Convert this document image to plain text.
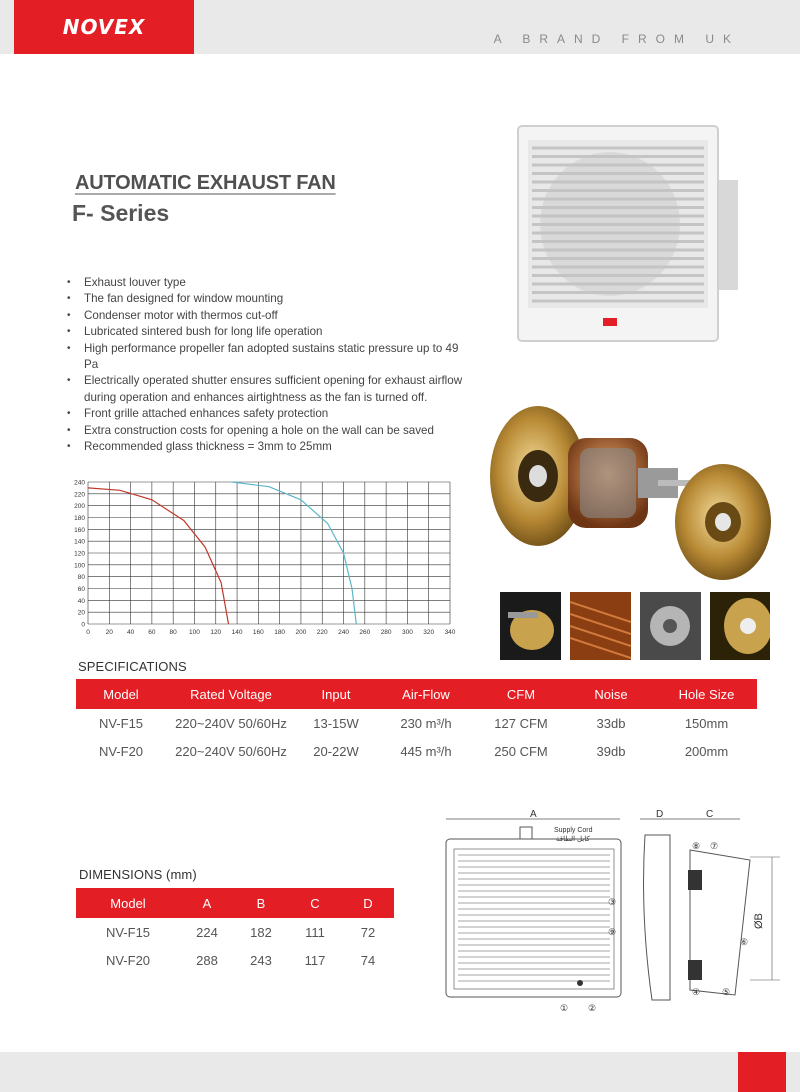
NOVEX	A BRAND FROM UK
AUTOMATIC EXHAUST FAN
F- Series
• Exhaust louver type
• The fan designed for window mounting
• Condenser motor with thermos cut-off
• Lubricated sintered bush for long life operation
• High performance propeller fan adopted sustains static pressure up to 49 Pa
• Electrically operated shutter ensures sufficient opening for exhaust airflow during operation and enhances airtightness as the fan is turned off.
• Front grille attached enhances safety protection
• Extra construction costs for opening a hole on the wall can be saved
• Recommended glass thickness = 3mm to 25mm
0 20 40 60 80 100 120 140 160 180 200 220 240 260 280 300 320 340
0
20
40
60
80
100
120
140
160
180
200
220
240
SPECIFICATIONS
Model	Rated Voltage	Input	Air-Flow	CFM	Noise	Hole Size
NV-F15	220~240V 50/60Hz	13-15W	230 m³/h	127 CFM	33db	150mm
NV-F20	220~240V 50/60Hz	20-22W	445 m³/h	250 CFM	39db	200mm
DIMENSIONS (mm)
Model	A	B	C	D
NV-F15	224	182	111	72
NV-F20	288	243	117	74
A
Supply Cord
كابل الطاقة
③
⑨
① ②
D	C
ØB
⑧ ⑦
⑥
④ ⑤
